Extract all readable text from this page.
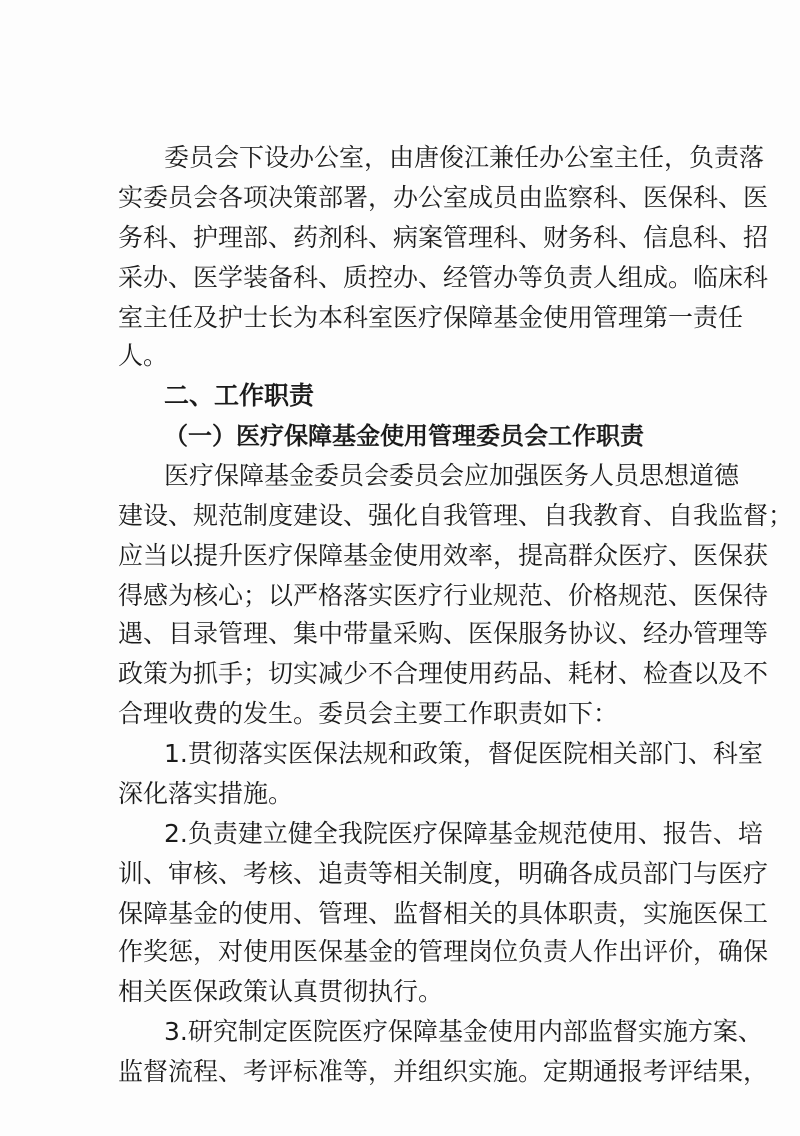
委员会下设办公室，由唐俊江兼任办公室主任，负责落

实委员会各项决策部署，办公室成员由监察科、医保科、医

务科、护理部、药剂科、病案管理科、财务科、信息科、招

采办、医学装备科、质控办、经管办等负责人组成。临床科

室主任及护士长为本科室医疗保障基金使用管理第一责任

人。

二、工作职责

（一）医疗保障基金使用管理委员会工作职责

医疗保障基金委员会委员会应加强医务人员思想道德

建设、规范制度建设、强化自我管理、自我教育、自我监督；

应当以提升医疗保障基金使用效率，提高群众医疗、医保获

得感为核心；以严格落实医疗行业规范、价格规范、医保待

遇、目录管理、集中带量采购、医保服务协议、经办管理等

政策为抓手；切实减少不合理使用药品、耗材、检查以及不

合理收费的发生。委员会主要工作职责如下：

1.贯彻落实医保法规和政策，督促医院相关部门、科室

深化落实措施。

2.负责建立健全我院医疗保障基金规范使用、报告、培

训、审核、考核、追责等相关制度，明确各成员部门与医疗

保障基金的使用、管理、监督相关的具体职责，实施医保工

作奖惩，对使用医保基金的管理岗位负责人作出评价，确保

相关医保政策认真贯彻执行。

3.研究制定医院医疗保障基金使用内部监督实施方案、

监督流程、考评标准等，并组织实施。定期通报考评结果，
